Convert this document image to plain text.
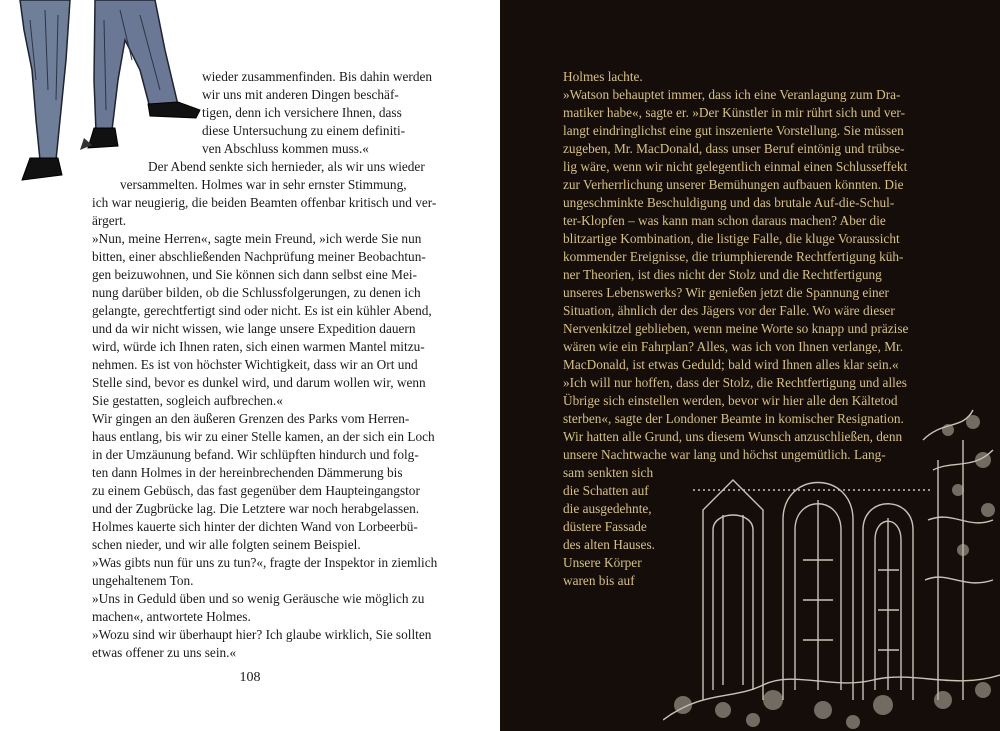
wieder zusammenfinden. Bis dahin werden
wir uns mit anderen Dingen beschäf-
tigen, denn ich versichere Ihnen, dass
diese Untersuchung zu einem definiti-
ven Abschluss kommen muss.«
Der Abend senkte sich hernieder, als wir uns wieder
versammelten. Holmes war in sehr ernster Stimmung,
ich war neugierig, die beiden Beamten offenbar kritisch und ver-
ärgert.
»Nun, meine Herren«, sagte mein Freund, »ich werde Sie nun
bitten, einer abschließenden Nachprüfung meiner Beobachtun-
gen beizuwohnen, und Sie können sich dann selbst eine Mei-
nung darüber bilden, ob die Schlussfolgerungen, zu denen ich
gelangte, gerechtfertigt sind oder nicht. Es ist ein kühler Abend,
und da wir nicht wissen, wie lange unsere Expedition dauern
wird, würde ich Ihnen raten, sich einen warmen Mantel mitzu-
nehmen. Es ist von höchster Wichtigkeit, dass wir an Ort und
Stelle sind, bevor es dunkel wird, und darum wollen wir, wenn
Sie gestatten, sogleich aufbrechen.«
Wir gingen an den äußeren Grenzen des Parks vom Herren-
haus entlang, bis wir zu einer Stelle kamen, an der sich ein Loch
in der Umzäunung befand. Wir schlüpften hindurch und folg-
ten dann Holmes in der hereinbrechenden Dämmerung bis
zu einem Gebüsch, das fast gegenüber dem Haupteingangstor
und der Zugbrücke lag. Die Letztere war noch herabgelassen.
Holmes kauerte sich hinter der dichten Wand von Lorbeerbü-
schen nieder, und wir alle folgten seinem Beispiel.
»Was gibts nun für uns zu tun?«, fragte der Inspektor in ziemlich
ungehaltenem Ton.
»Uns in Geduld üben und so wenig Geräusche wie möglich zu
machen«, antwortete Holmes.
»Wozu sind wir überhaupt hier? Ich glaube wirklich, Sie sollten
etwas offener zu uns sein.«
108
Holmes lachte.
»Watson behauptet immer, dass ich eine Veranlagung zum Dra-
matiker habe«, sagte er. »Der Künstler in mir rührt sich und ver-
langt eindringlichst eine gut inszenierte Vorstellung. Sie müssen
zugeben, Mr. MacDonald, dass unser Beruf eintönig und trübse-
lig wäre, wenn wir nicht gelegentlich einmal einen Schlusseffekt
zur Verherrlichung unserer Bemühungen aufbauen könnten. Die
ungeschminkte Beschuldigung und das brutale Auf-die-Schul-
ter-Klopfen – was kann man schon daraus machen? Aber die
blitzartige Kombination, die listige Falle, die kluge Voraussicht
kommender Ereignisse, die triumphierende Rechtfertigung küh-
ner Theorien, ist dies nicht der Stolz und die Rechtfertigung
unseres Lebenswerks? Wir genießen jetzt die Spannung einer
Situation, ähnlich der des Jägers vor der Falle. Wo wäre dieser
Nervenkitzel geblieben, wenn meine Worte so knapp und präzise
wären wie ein Fahrplan? Alles, was ich von Ihnen verlange, Mr.
MacDonald, ist etwas Geduld; bald wird Ihnen alles klar sein.«
»Ich will nur hoffen, dass der Stolz, die Rechtfertigung und alles
Übrige sich einstellen werden, bevor wir hier alle den Kältetod
sterben«, sagte der Londoner Beamte in komischer Resignation.
Wir hatten alle Grund, uns diesem Wunsch anzuschließen, denn
unsere Nachtwache war lang und höchst ungemütlich. Lang-
sam senkten sich
die Schatten auf
die ausgedehnte,
düstere Fassade
des alten Hauses.
Unsere Körper
waren bis auf
